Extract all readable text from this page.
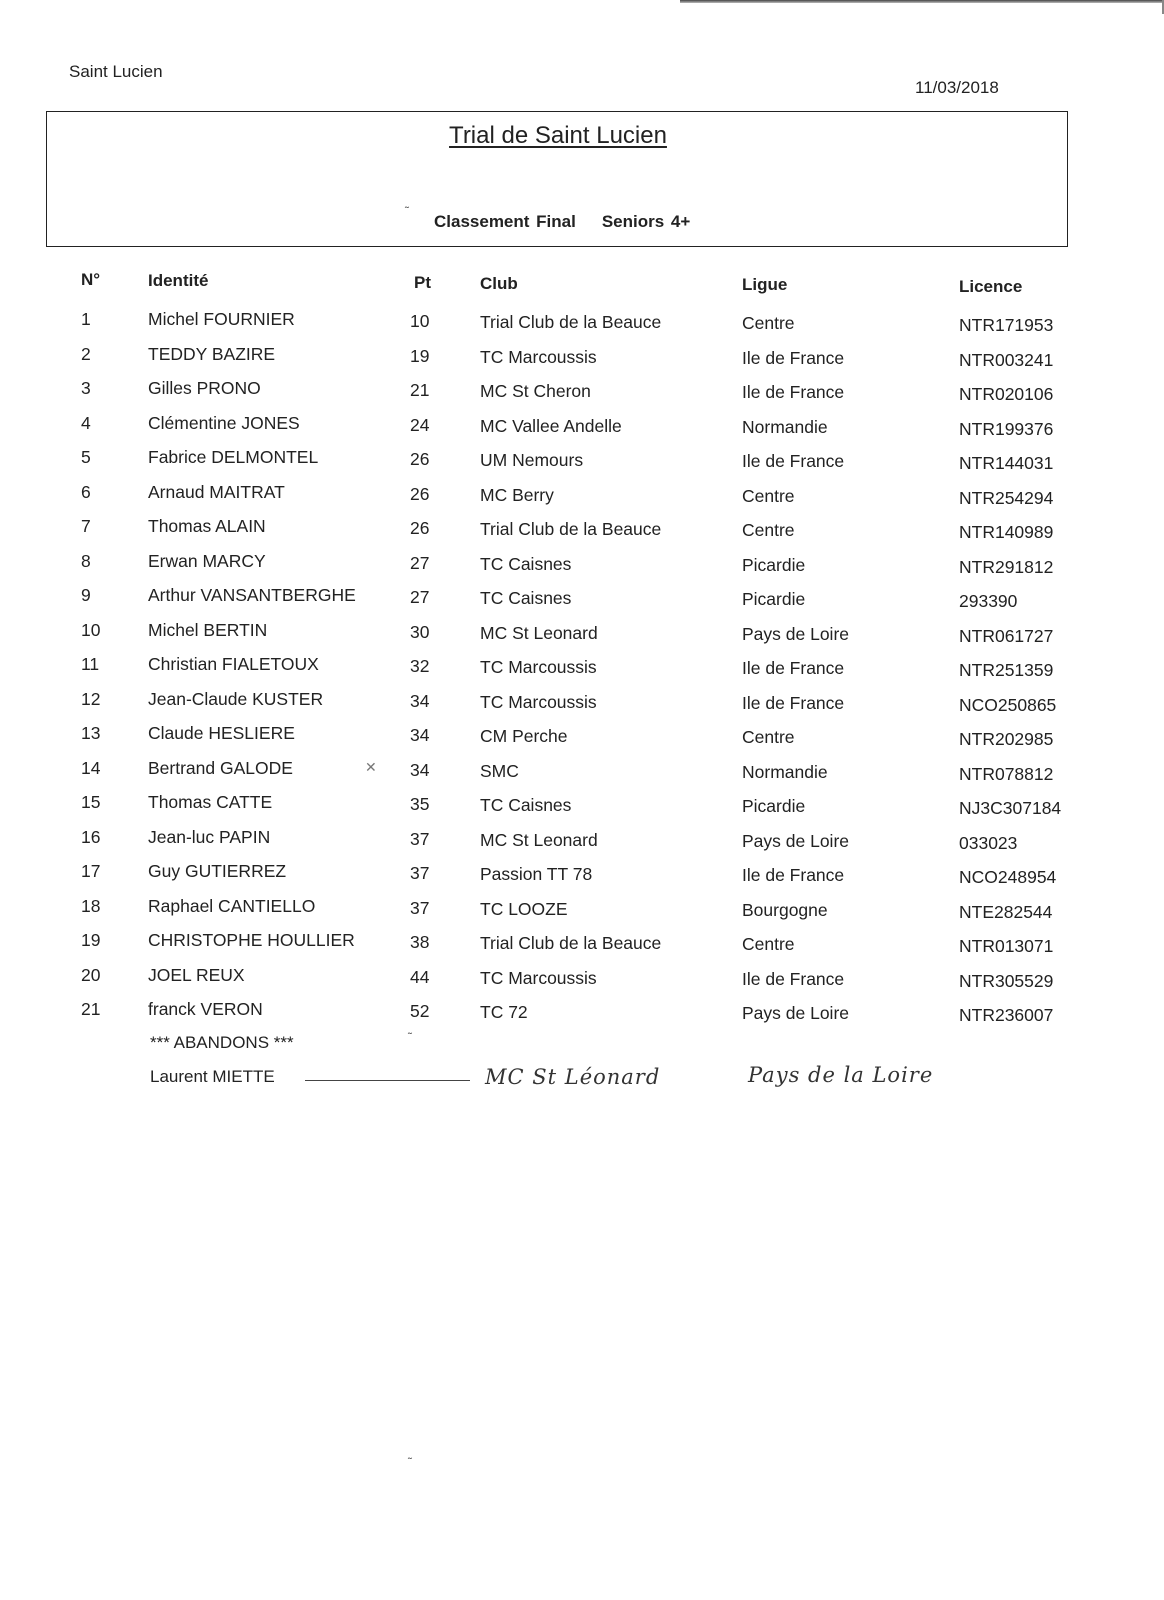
Saint Lucien
11/03/2018
Trial de Saint Lucien
˜
Classement Final Seniors 4+
N°	Identité	Pt	Club	Ligue	Licence
1	Michel FOURNIER	10	Trial Club de la Beauce	Centre	NTR171953
2	TEDDY BAZIRE	19	TC Marcoussis	Ile de France	NTR003241
3	Gilles PRONO	21	MC St Cheron	Ile de France	NTR020106
4	Clémentine JONES	24	MC Vallee Andelle	Normandie	NTR199376
5	Fabrice DELMONTEL	26	UM Nemours	Ile de France	NTR144031
6	Arnaud MAITRAT	26	MC Berry	Centre	NTR254294
7	Thomas ALAIN	26	Trial Club de la Beauce	Centre	NTR140989
8	Erwan MARCY	27	TC Caisnes	Picardie	NTR291812
9	Arthur VANSANTBERGHE	27	TC Caisnes	Picardie	293390
10	Michel BERTIN	30	MC St Leonard	Pays de Loire	NTR061727
11	Christian FIALETOUX	32	TC Marcoussis	Ile de France	NTR251359
12	Jean-Claude KUSTER	34	TC Marcoussis	Ile de France	NCO250865
13	Claude HESLIERE	34	CM Perche	Centre	NTR202985
14	Bertrand GALODE	34	SMC	Normandie	NTR078812
15	Thomas CATTE	35	TC Caisnes	Picardie	NJ3C307184
16	Jean-luc PAPIN	37	MC St Leonard	Pays de Loire	033023
17	Guy GUTIERREZ	37	Passion TT 78	Ile de France	NCO248954
18	Raphael CANTIELLO	37	TC LOOZE	Bourgogne	NTE282544
19	CHRISTOPHE HOULLIER	38	Trial Club de la Beauce	Centre	NTR013071
20	JOEL REUX	44	TC Marcoussis	Ile de France	NTR305529
21	franck VERON	52	TC 72	Pays de Loire	NTR236007
✕
*** ABANDONS ***
Laurent MIETTE	MC St Léonard	Pays de la Loire
˜
˜
